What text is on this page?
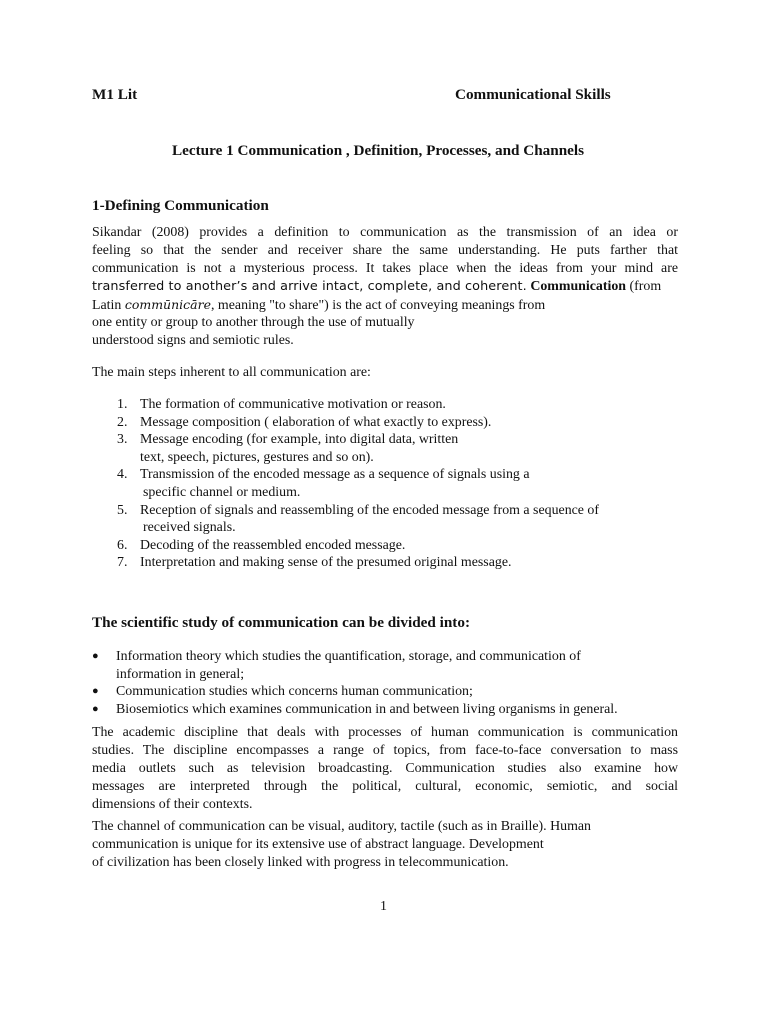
M1 Lit	Communicational Skills
Lecture 1 Communication , Definition, Processes, and Channels
1-Defining Communication
Sikandar (2008) provides a definition to communication as the transmission of an idea or
feeling so that the sender and receiver share the same understanding. He puts farther that
communication is not a mysterious process. It takes place when the ideas from your mind are
transferred to another’s and arrive intact, complete, and coherent. Communication (from
Latin commūnicāre, meaning "to share") is the act of conveying meanings from
one entity or group to another through the use of mutually
understood signs and semiotic rules.
The main steps inherent to all communication are:
1. The formation of communicative motivation or reason.
2. Message composition ( elaboration of what exactly to express).
3. Message encoding (for example, into digital data, written
text, speech, pictures, gestures and so on).
4. Transmission of the encoded message as a sequence of signals using a
specific channel or medium.
5. Reception of signals and reassembling of the encoded message from a sequence of
received signals.
6. Decoding of the reassembled encoded message.
7. Interpretation and making sense of the presumed original message.
The scientific study of communication can be divided into:
● Information theory which studies the quantification, storage, and communication of
information in general;
● Communication studies which concerns human communication;
● Biosemiotics which examines communication in and between living organisms in general.
The academic discipline that deals with processes of human communication is communication
studies. The discipline encompasses a range of topics, from face-to-face conversation to mass
media outlets such as television broadcasting. Communication studies also examine how
messages are interpreted through the political, cultural, economic, semiotic, and social
dimensions of their contexts.
The channel of communication can be visual, auditory, tactile (such as in Braille). Human
communication is unique for its extensive use of abstract language. Development
of civilization has been closely linked with progress in telecommunication.
1
